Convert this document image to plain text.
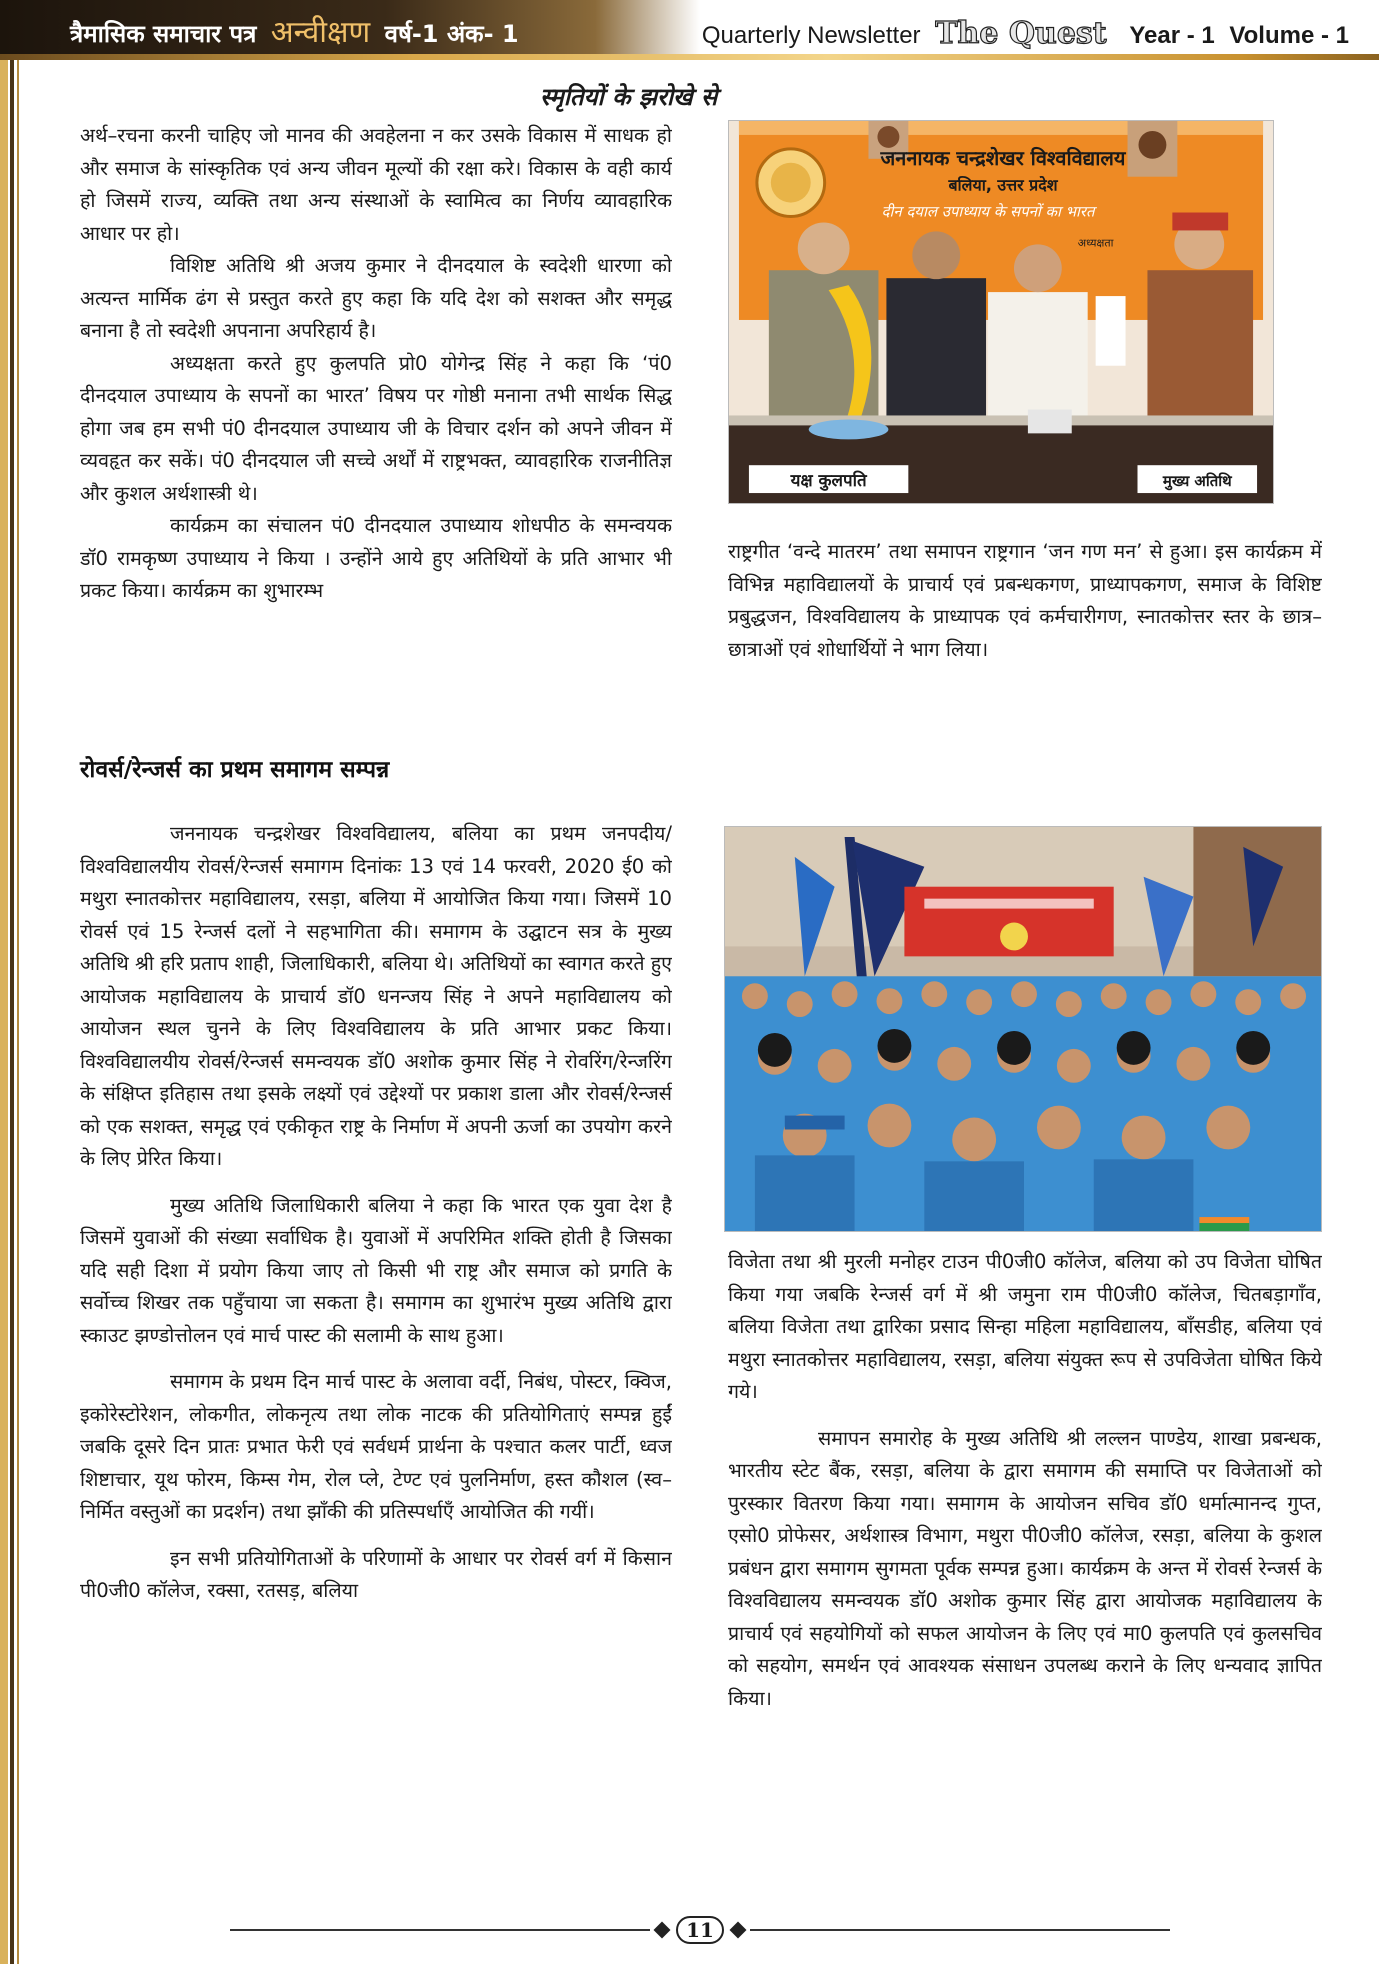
त्रैमासिक समाचार पत्र अन्वीक्षण वर्ष-1 अंक- 1	Quarterly Newsletter The Quest Year - 1 Volume - 1
स्मृतियों के झरोखे से

अर्थ–रचना करनी चाहिए जो मानव की अवहेलना न कर उसके विकास में साधक हो और समाज के सांस्कृतिक एवं अन्य जीवन मूल्यों की रक्षा करे। विकास के वही कार्य हो जिसमें राज्य, व्यक्ति तथा अन्य संस्थाओं के स्वामित्व का निर्णय व्यावहारिक आधार पर हो।

विशिष्ट अतिथि श्री अजय कुमार ने दीनदयाल के स्वदेशी धारणा को अत्यन्त मार्मिक ढंग से प्रस्तुत करते हुए कहा कि यदि देश को सशक्त और समृद्ध बनाना है तो स्वदेशी अपनाना अपरिहार्य है।

अध्यक्षता करते हुए कुलपति प्रो0 योगेन्द्र सिंह ने कहा कि ‘पं0 दीनदयाल उपाध्याय के सपनों का भारत’ विषय पर गोष्ठी मनाना तभी सार्थक सिद्ध होगा जब हम सभी पं0 दीनदयाल उपाध्याय जी के विचार दर्शन को अपने जीवन में व्यवहृत कर सकें। पं0 दीनदयाल जी सच्चे अर्थों में राष्ट्रभक्त, व्यावहारिक राजनीतिज्ञ और कुशल अर्थशास्त्री थे।

कार्यक्रम का संचालन पं0 दीनदयाल उपाध्याय शोधपीठ के समन्वयक डॉ0 रामकृष्ण उपाध्याय ने किया । उन्होंने आये हुए अतिथियों के प्रति आभार भी प्रकट किया। कार्यक्रम का शुभारम्भ

जननायक चन्द्रशेखर विश्वविद्यालय
बलिया, उत्तर प्रदेश
दीन दयाल उपाध्याय के सपनों का भारत
अध्यक्षता
यक्ष कुलपति	मुख्य अतिथि

राष्ट्रगीत ‘वन्दे मातरम’ तथा समापन राष्ट्रगान ‘जन गण मन’ से हुआ। इस कार्यक्रम में विभिन्न महाविद्यालयों के प्राचार्य एवं प्रबन्धकगण, प्राध्यापकगण, समाज के विशिष्ट प्रबुद्धजन, विश्वविद्यालय के प्राध्यापक एवं कर्मचारीगण, स्नातकोत्तर स्तर के छात्र–छात्राओं एवं शोधार्थियों ने भाग लिया।

रोवर्स/रेन्जर्स का प्रथम समागम सम्पन्न

जननायक चन्द्रशेखर विश्वविद्यालय, बलिया का प्रथम जनपदीय/विश्वविद्यालयीय रोवर्स/रेन्जर्स समागम दिनांकः 13 एवं 14 फरवरी, 2020 ई0 को मथुरा स्नातकोत्तर महाविद्यालय, रसड़ा, बलिया में आयोजित किया गया। जिसमें 10 रोवर्स एवं 15 रेन्जर्स दलों ने सहभागिता की। समागम के उद्घाटन सत्र के मुख्य अतिथि श्री हरि प्रताप शाही, जिलाधिकारी, बलिया थे। अतिथियों का स्वागत करते हुए आयोजक महाविद्यालय के प्राचार्य डॉ0 धनन्जय सिंह ने अपने महाविद्यालय को आयोजन स्थल चुनने के लिए विश्वविद्यालय के प्रति आभार प्रकट किया। विश्वविद्यालयीय रोवर्स/रेन्जर्स समन्वयक डॉ0 अशोक कुमार सिंह ने रोवरिंग/रेन्जरिंग के संक्षिप्त इतिहास तथा इसके लक्ष्यों एवं उद्देश्यों पर प्रकाश डाला और रोवर्स/रेन्जर्स को एक सशक्त, समृद्ध एवं एकीकृत राष्ट्र के निर्माण में अपनी ऊर्जा का उपयोग करने के लिए प्रेरित किया।

मुख्य अतिथि जिलाधिकारी बलिया ने कहा कि भारत एक युवा देश है जिसमें युवाओं की संख्या सर्वाधिक है। युवाओं में अपरिमित शक्ति होती है जिसका यदि सही दिशा में प्रयोग किया जाए तो किसी भी राष्ट्र और समाज को प्रगति के सर्वोच्च शिखर तक पहुँचाया जा सकता है। समागम का शुभारंभ मुख्य अतिथि द्वारा स्काउट झण्डोत्तोलन एवं मार्च पास्ट की सलामी के साथ हुआ।

समागम के प्रथम दिन मार्च पास्ट के अलावा वर्दी, निबंध, पोस्टर, क्विज, इकोरेस्टोरेशन, लोकगीत, लोकनृत्य तथा लोक नाटक की प्रतियोगिताएं सम्पन्न हुईं जबकि दूसरे दिन प्रातः प्रभात फेरी एवं सर्वधर्म प्रार्थना के पश्चात कलर पार्टी, ध्वज शिष्टाचार, यूथ फोरम, किम्स गेम, रोल प्ले, टेण्ट एवं पुलनिर्माण, हस्त कौशल (स्व–निर्मित वस्तुओं का प्रदर्शन) तथा झाँकी की प्रतिस्पर्धाएँ आयोजित की गयीं।

इन सभी प्रतियोगिताओं के परिणामों के आधार पर रोवर्स वर्ग में किसान पी0जी0 कॉलेज, रक्सा, रतसड़, बलिया

विजेता तथा श्री मुरली मनोहर टाउन पी0जी0 कॉलेज, बलिया को उप विजेता घोषित किया गया जबकि रेन्जर्स वर्ग में श्री जमुना राम पी0जी0 कॉलेज, चितबड़ागाँव, बलिया विजेता तथा द्वारिका प्रसाद सिन्हा महिला महाविद्यालय, बाँसडीह, बलिया एवं मथुरा स्नातकोत्तर महाविद्यालय, रसड़ा, बलिया संयुक्त रूप से उपविजेता घोषित किये गये।

समापन समारोह के मुख्य अतिथि श्री लल्लन पाण्डेय, शाखा प्रबन्धक, भारतीय स्टेट बैंक, रसड़ा, बलिया के द्वारा समागम की समाप्ति पर विजेताओं को पुरस्कार वितरण किया गया। समागम के आयोजन सचिव डॉ0 धर्मात्मानन्द गुप्त, एसो0 प्रोफेसर, अर्थशास्त्र विभाग, मथुरा पी0जी0 कॉलेज, रसड़ा, बलिया के कुशल प्रबंधन द्वारा समागम सुगमता पूर्वक सम्पन्न हुआ। कार्यक्रम के अन्त में रोवर्स रेन्जर्स के विश्वविद्यालय समन्वयक डॉ0 अशोक कुमार सिंह द्वारा आयोजक महाविद्यालय के प्राचार्य एवं सहयोगियों को सफल आयोजन के लिए एवं मा0 कुलपति एवं कुलसचिव को सहयोग, समर्थन एवं आवश्यक संसाधन उपलब्ध कराने के लिए धन्यवाद ज्ञापित किया।

11
